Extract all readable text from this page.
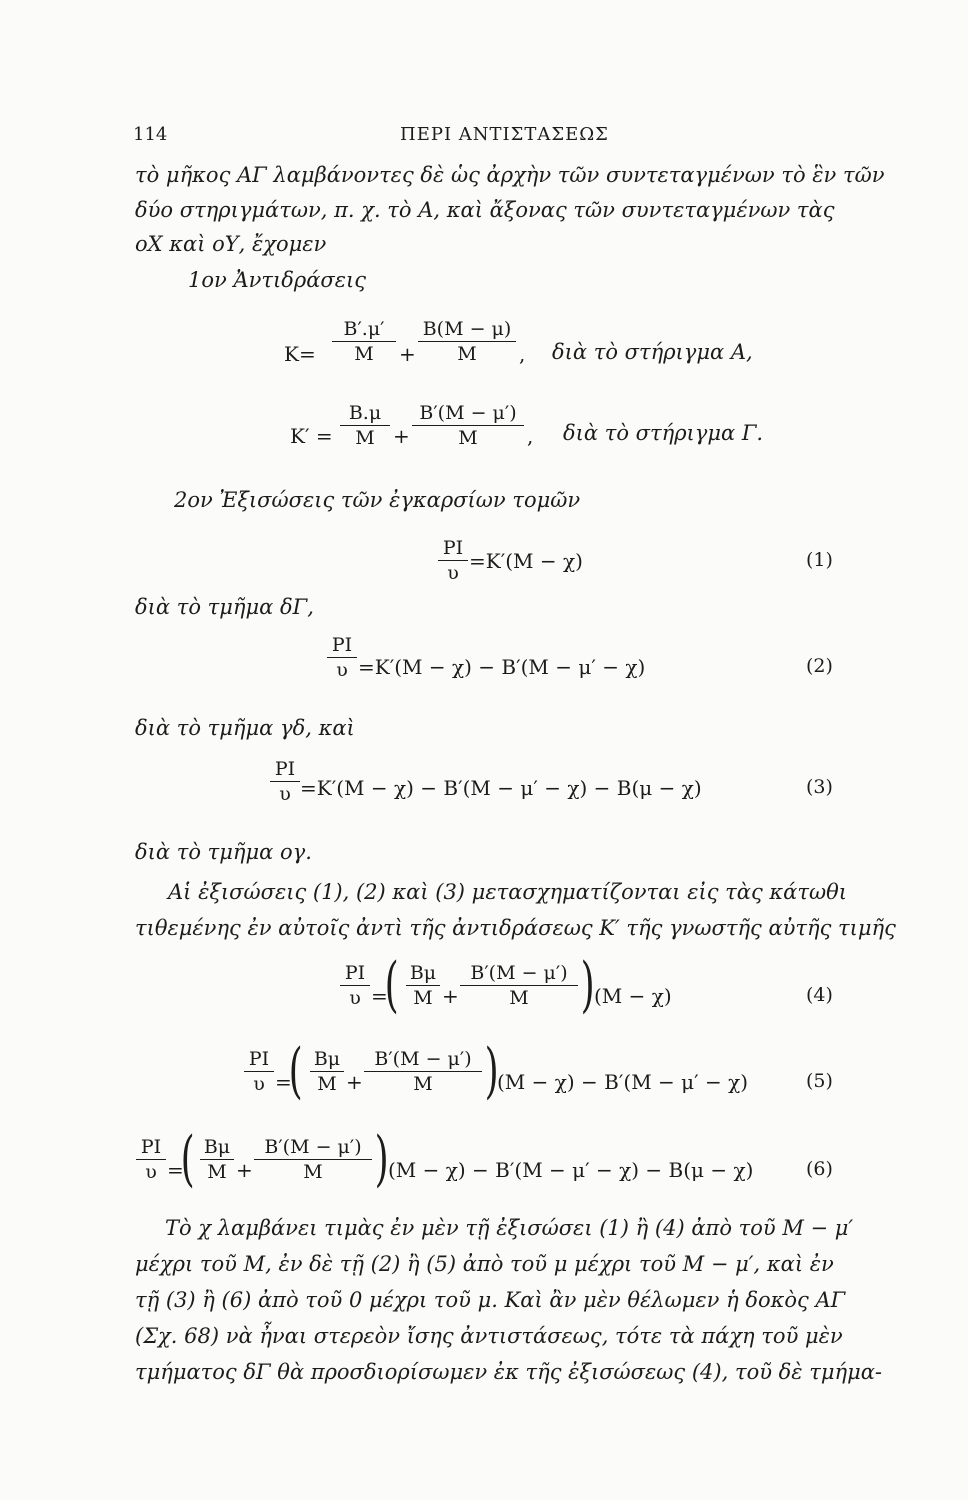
114	ΠΕΡΙ ΑΝΤΙΣΤΑΣΕΩΣ
τὸ μῆκος ΑΓ λαμβάνοντες δὲ ὡς ἀρχὴν τῶν συντεταγμένων τὸ ἓν τῶν
δύο στηριγμάτων, π. χ. τὸ Α, καὶ ἄξονας τῶν συντεταγμένων τὰς
οΧ καὶ οΥ, ἔχομεν
1ον Ἀντιδράσεις
K=
B′.μ′
M	+
B(M − μ)
M	, διὰ τὸ στήριγμα Α,
K′ =
B.μ
M +
B′(M − μ′)
M	, διὰ τὸ στήριγμα Γ.
2ον Ἐξισώσεις τῶν ἐγκαρσίων τομῶν
PI
υ =K′(M − χ)	(1)
διὰ τὸ τμῆμα δΓ,
PI
υ =K′(M − χ) − B′(M − μ′ − χ)	(2)
διὰ τὸ τμῆμα γδ, καὶ
PI
υ =K′(M − χ) − B′(M − μ′ − χ) − B(μ − χ)	(3)
διὰ τὸ τμῆμα ογ.
Αἱ ἐξισώσεις (1), (2) καὶ (3) μετασχηματίζονται εἰς τὰς κάτωθι
τιθεμένης ἐν αὐτοῖς ἀντὶ τῆς ἀντιδράσεως K′ τῆς γνωστῆς αὐτῆς τιμῆς
PI
υ =
( Bμ
M +
B′(M − μ′)
M ) (M − χ)	(4)
PI
υ =
( Bμ
M +
B′(M − μ′)
M )
(M − χ) − B′(M − μ′ − χ)	(5)
PI
υ =
( Bμ
M +
B′(M − μ′)
M ) (M − χ) − B′(M − μ′ − χ) − B(μ − χ)	(6)
Τὸ χ λαμβάνει τιμὰς ἐν μὲν τῇ ἐξισώσει (1) ἢ (4) ἀπὸ τοῦ M − μ′
μέχρι τοῦ M, ἐν δὲ τῇ (2) ἢ (5) ἀπὸ τοῦ μ μέχρι τοῦ M − μ′, καὶ ἐν
τῇ (3) ἢ (6) ἀπὸ τοῦ 0 μέχρι τοῦ μ. Καὶ ἂν μὲν θέλωμεν ἡ δοκὸς ΑΓ
(Σχ. 68) νὰ ἦναι στερεὸν ἴσης ἀντιστάσεως, τότε τὰ πάχη τοῦ μὲν
τμήματος δΓ θὰ προσδιορίσωμεν ἐκ τῆς ἐξισώσεως (4), τοῦ δὲ τμήμα-
